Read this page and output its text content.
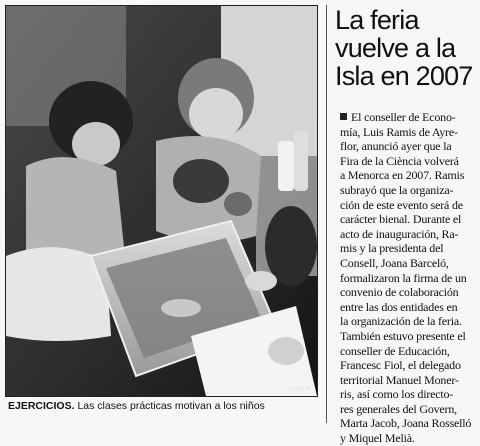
JAVIER
EJERCICIOS. Las clases prácticas motivan a los niños
La feria
vuelve a la
Isla en 2007
El conseller de Econo-
mía, Luis Ramis de Ayre-
flor, anunció ayer que la
Fira de la Ciència volverá
a Menorca en 2007. Ramis
subrayó que la organiza-
ción de este evento será de
carácter bienal. Durante el
acto de inauguración, Ra-
mis y la presidenta del
Consell, Joana Barceló,
formalizaron la firma de un
convenio de colaboración
entre las dos entidades en
la organización de la feria.
También estuvo presente el
conseller de Educación,
Francesc Fiol, el delegado
territorial Manuel Moner-
ris, así como los directo-
res generales del Govern,
Marta Jacob, Joana Rosselló
y Miquel Melià.
